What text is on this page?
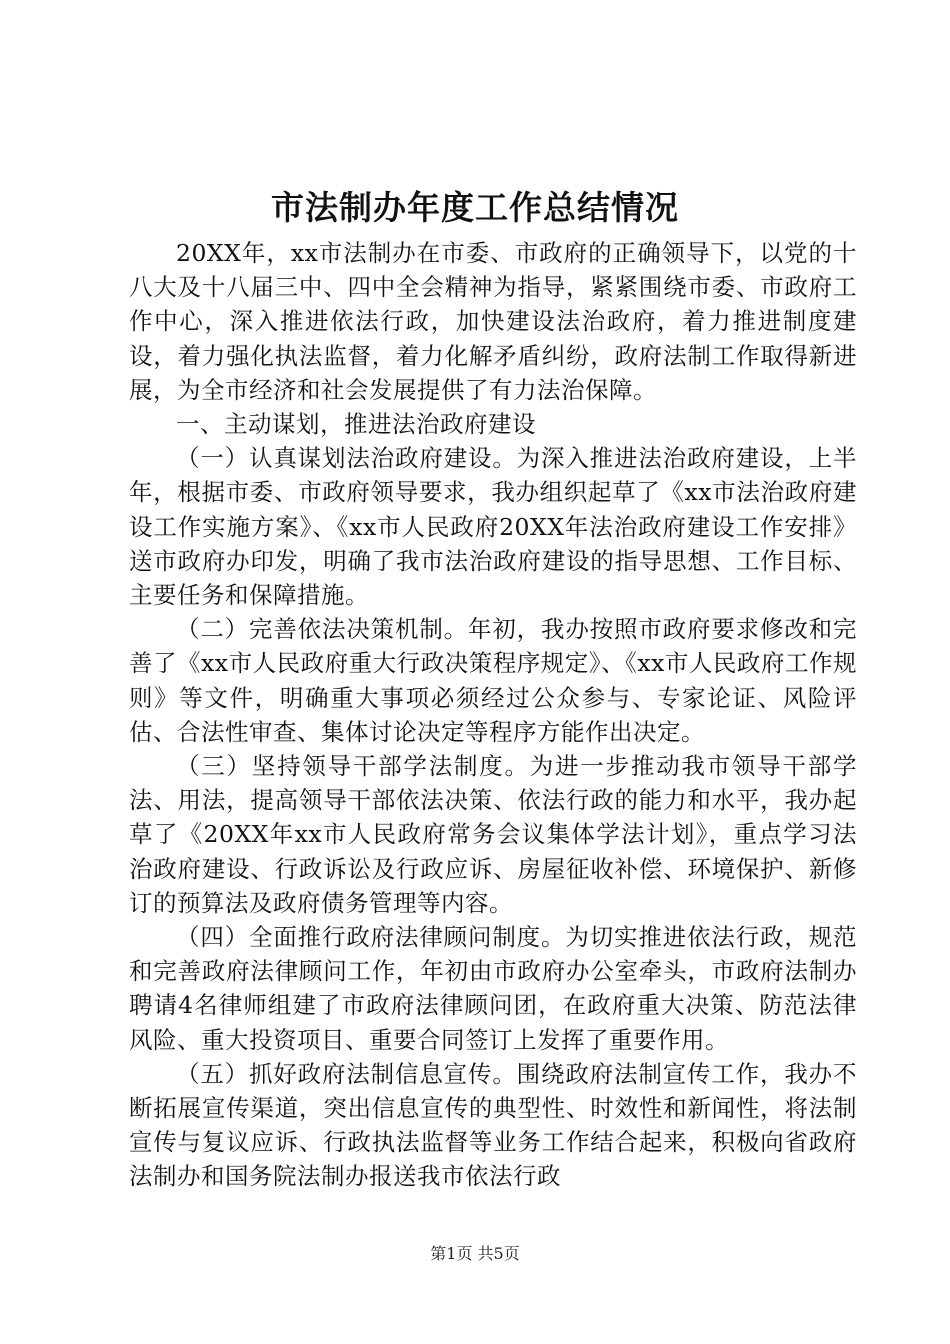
市法制办年度工作总结情况

20XX年，xx市法制办在市委、市政府的正确领导下，以党的十八大及十八届三中、四中全会精神为指导，紧紧围绕市委、市政府工作中心，深入推进依法行政，加快建设法治政府，着力推进制度建设，着力强化执法监督，着力化解矛盾纠纷，政府法制工作取得新进展，为全市经济和社会发展提供了有力法治保障。

一、主动谋划，推进法治政府建设

（一）认真谋划法治政府建设。为深入推进法治政府建设，上半年，根据市委、市政府领导要求，我办组织起草了《xx市法治政府建设工作实施方案》、《xx市人民政府20XX年法治政府建设工作安排》送市政府办印发，明确了我市法治政府建设的指导思想、工作目标、主要任务和保障措施。

（二）完善依法决策机制。年初，我办按照市政府要求修改和完善了《xx市人民政府重大行政决策程序规定》、《xx市人民政府工作规则》等文件，明确重大事项必须经过公众参与、专家论证、风险评估、合法性审查、集体讨论决定等程序方能作出决定。

（三）坚持领导干部学法制度。为进一步推动我市领导干部学法、用法，提高领导干部依法决策、依法行政的能力和水平，我办起草了《20XX年xx市人民政府常务会议集体学法计划》，重点学习法治政府建设、行政诉讼及行政应诉、房屋征收补偿、环境保护、新修订的预算法及政府债务管理等内容。

（四）全面推行政府法律顾问制度。为切实推进依法行政，规范和完善政府法律顾问工作，年初由市政府办公室牵头，市政府法制办聘请4名律师组建了市政府法律顾问团，在政府重大决策、防范法律风险、重大投资项目、重要合同签订上发挥了重要作用。

（五）抓好政府法制信息宣传。围绕政府法制宣传工作，我办不断拓展宣传渠道，突出信息宣传的典型性、时效性和新闻性，将法制宣传与复议应诉、行政执法监督等业务工作结合起来，积极向省政府法制办和国务院法制办报送我市依法行政

第1页 共5页
